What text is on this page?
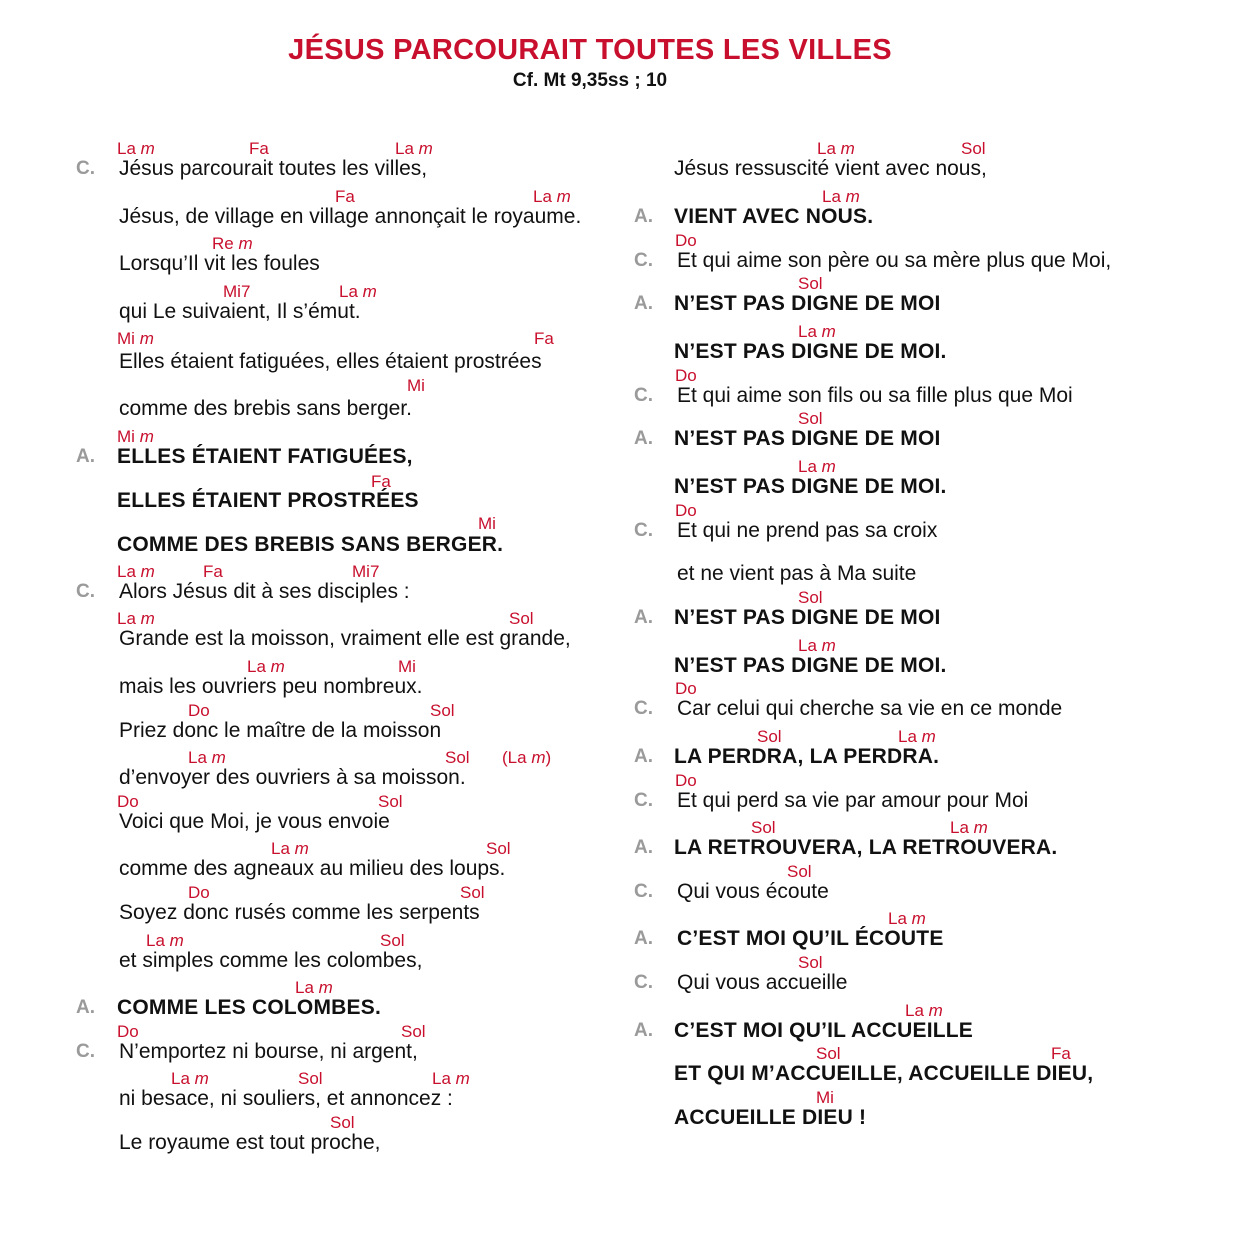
JÉSUS PARCOURAIT TOUTES LES VILLES
Cf. Mt 9,35ss ; 10
La m	Fa	La m
C. Jésus parcourait toutes les villes,
Fa	La m
Jésus, de village en village annonçait le royaume.
Re m
Lorsqu’Il vit les foules
Mi7	La m
qui Le suivaient, Il s’émut.
Mi m	Fa
Elles étaient fatiguées, elles étaient prostrées
Mi
comme des brebis sans berger.
Mi m
A. ELLES ÉTAIENT FATIGUÉES,
Fa
ELLES ÉTAIENT PROSTRÉES
Mi
COMME DES BREBIS SANS BERGER.
La m	Fa	Mi7
C. Alors Jésus dit à ses disciples :
La m	Sol
Grande est la moisson, vraiment elle est grande,
La m	Mi
mais les ouvriers peu nombreux.
Do	Sol
Priez donc le maître de la moisson
La m	Sol (La m)
d’envoyer des ouvriers à sa moisson.
Do	Sol
Voici que Moi, je vous envoie
La m	Sol
comme des agneaux au milieu des loups.
Do	Sol
Soyez donc rusés comme les serpents
La m	Sol
et simples comme les colombes,
La m
A. COMME LES COLOMBES.
Do	Sol
C. N’emportez ni bourse, ni argent,
La m	Sol	La m
ni besace, ni souliers, et annoncez :
Sol
Le royaume est tout proche,
La m	Sol
Jésus ressuscité vient avec nous,
La m
A. VIENT AVEC NOUS.
Do
C. Et qui aime son père ou sa mère plus que Moi,
Sol
A. N’EST PAS DIGNE DE MOI
La m
N’EST PAS DIGNE DE MOI.
Do
C. Et qui aime son fils ou sa fille plus que Moi
Sol
A. N’EST PAS DIGNE DE MOI
La m
N’EST PAS DIGNE DE MOI.
Do
C. Et qui ne prend pas sa croix
et ne vient pas à Ma suite
Sol
A. N’EST PAS DIGNE DE MOI
La m
N’EST PAS DIGNE DE MOI.
Do
C. Car celui qui cherche sa vie en ce monde
Sol	La m
A. LA PERDRA, LA PERDRA.
Do
C. Et qui perd sa vie par amour pour Moi
Sol	La m
A. LA RETROUVERA, LA RETROUVERA.
Sol
C. Qui vous écoute
La m
A. C’EST MOI QU’IL ÉCOUTE
Sol
C. Qui vous accueille
La m
A. C’EST MOI QU’IL ACCUEILLE
Sol	Fa
ET QUI M’ACCUEILLE, ACCUEILLE DIEU,
Mi
ACCUEILLE DIEU !
